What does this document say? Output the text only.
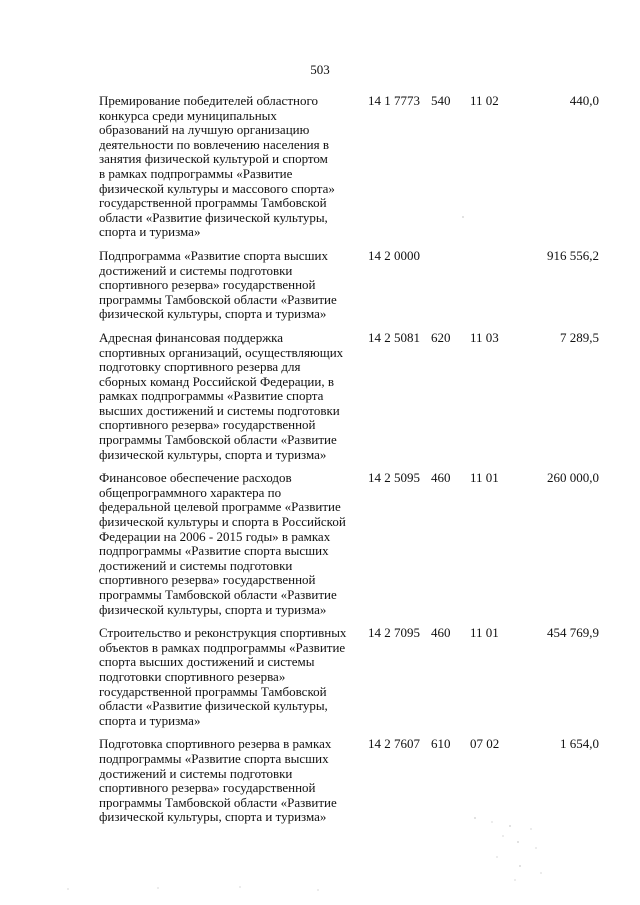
503
Премирование победителей областного
конкурса среди муниципальных
образований на лучшую организацию
деятельности по вовлечению населения в
занятия физической культурой и спортом
в рамках подпрограммы «Развитие
физической культуры и массового спорта»
государственной программы Тамбовской
области «Развитие физической культуры,
спорта и туризма»
14 1 7773 540 11 02	440,0
Подпрограмма «Развитие спорта высших
достижений и системы подготовки
спортивного резерва» государственной
программы Тамбовской области «Развитие
физической культуры, спорта и туризма»
14 2 0000	916 556,2
Адресная финансовая поддержка
спортивных организаций, осуществляющих
подготовку спортивного резерва для
сборных команд Российской Федерации, в
рамках подпрограммы «Развитие спорта
высших достижений и системы подготовки
спортивного резерва» государственной
программы Тамбовской области «Развитие
физической культуры, спорта и туризма»
14 2 5081 620 11 03	7 289,5
Финансовое обеспечение расходов
общепрограммного характера по
федеральной целевой программе «Развитие
физической культуры и спорта в Российской
Федерации на 2006 - 2015 годы» в рамках
подпрограммы «Развитие спорта высших
достижений и системы подготовки
спортивного резерва» государственной
программы Тамбовской области «Развитие
физической культуры, спорта и туризма»
14 2 5095 460 11 01	260 000,0
Строительство и реконструкция спортивных
объектов в рамках подпрограммы «Развитие
спорта высших достижений и системы
подготовки спортивного резерва»
государственной программы Тамбовской
области «Развитие физической культуры,
спорта и туризма»
14 2 7095 460 11 01	454 769,9
Подготовка спортивного резерва в рамках
подпрограммы «Развитие спорта высших
достижений и системы подготовки
спортивного резерва» государственной
программы Тамбовской области «Развитие
физической культуры, спорта и туризма»
14 2 7607 610 07 02	1 654,0
